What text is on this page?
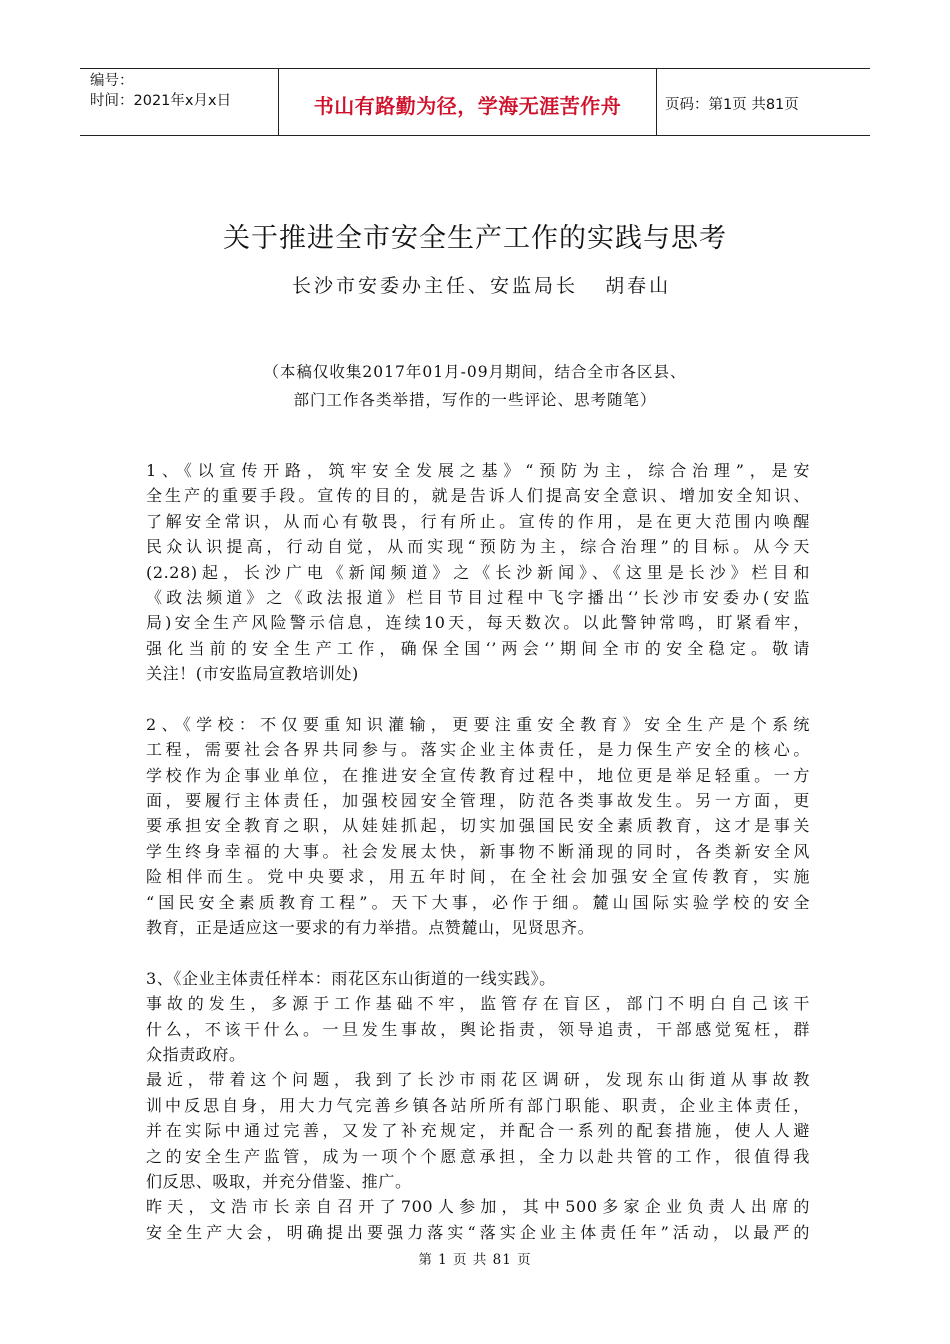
编号：
时间：2021年x月x日	书山有路勤为径，学海无涯苦作舟	页码：第1页 共81页
关于推进全市安全生产工作的实践与思考
长沙市安委办主任、安监局长   胡春山
（本稿仅收集2017年01月-09月期间，结合全市各区县、
部门工作各类举措，写作的一些评论、思考随笔）
1、《以宣传开路，筑牢安全发展之基》“预防为主，综合治理”，是安
全生产的重要手段。宣传的目的，就是告诉人们提高安全意识、增加安全知识、
了解安全常识，从而心有敬畏，行有所止。宣传的作用，是在更大范围内唤醒
民众认识提高，行动自觉，从而实现“预防为主，综合治理”的目标。从今天
(2.28)起，长沙广电《新闻频道》之《长沙新闻》、《这里是长沙》栏目和
《政法频道》之《政法报道》栏目节目过程中飞字播出‘’长沙市安委办(安监
局)安全生产风险警示信息，连续10天，每天数次。以此警钟常鸣，盯紧看牢，
强化当前的安全生产工作，确保全国‘’两会‘’期间全市的安全稳定。敬请
关注！(市安监局宣教培训处)
2、《学校：不仅要重知识灌输，更要注重安全教育》安全生产是个系统
工程，需要社会各界共同参与。落实企业主体责任，是力保生产安全的核心。
学校作为企事业单位，在推进安全宣传教育过程中，地位更是举足轻重。一方
面，要履行主体责任，加强校园安全管理，防范各类事故发生。另一方面，更
要承担安全教育之职，从娃娃抓起，切实加强国民安全素质教育，这才是事关
学生终身幸福的大事。社会发展太快，新事物不断涌现的同时，各类新安全风
险相伴而生。党中央要求，用五年时间，在全社会加强安全宣传教育，实施
“国民安全素质教育工程”。天下大事，必作于细。麓山国际实验学校的安全
教育，正是适应这一要求的有力举措。点赞麓山，见贤思齐。
3、《企业主体责任样本：雨花区东山街道的一线实践》。
事故的发生，多源于工作基础不牢，监管存在盲区，部门不明白自己该干
什么，不该干什么。一旦发生事故，舆论指责，领导追责，干部感觉冤枉，群
众指责政府。
最近，带着这个问题，我到了长沙市雨花区调研，发现东山街道从事故教
训中反思自身，用大力气完善乡镇各站所所有部门职能、职责，企业主体责任，
并在实际中通过完善，又发了补充规定，并配合一系列的配套措施，使人人避
之的安全生产监管，成为一项个个愿意承担，全力以赴共管的工作，很值得我
们反思、吸取，并充分借鉴、推广。
昨天，文浩市长亲自召开了700人参加，其中500多家企业负责人出席的
安全生产大会，明确提出要强力落实“落实企业主体责任年”活动，以最严的
第 1 页 共 81 页
